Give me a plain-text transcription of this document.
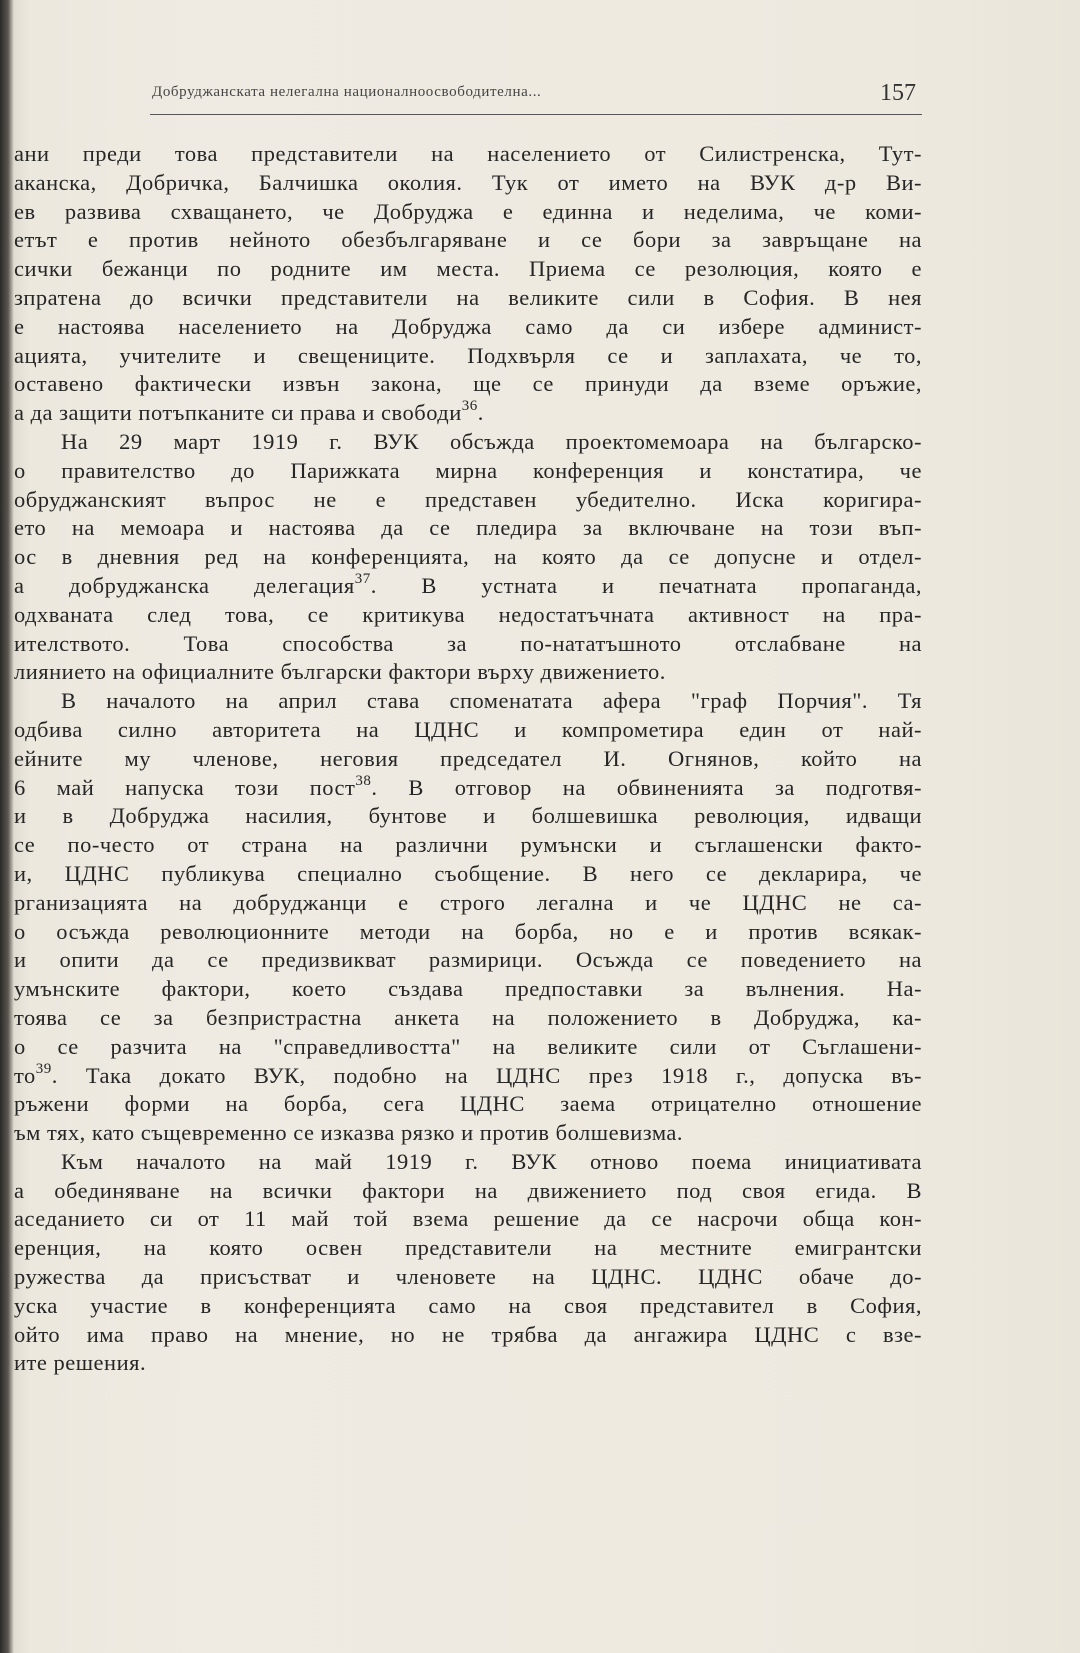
Добруджанската нелегална националноосвободителна...	157
ани преди това представители на населението от Силистренска, Тут-
аканска, Добричка, Балчишка околия. Тук от името на ВУК д-р Ви-
ев развива схващането, че Добруджа е единна и неделима, че коми-
етът е против нейното обезбългаряване и се бори за завръщане на
сички бежанци по родните им места. Приема се резолюция, която е
зпратена до всички представители на великите сили в София. В нея
е настоява населението на Добруджа само да си избере админист-
ацията, учителите и свещениците. Подхвърля се и заплахата, че то,
оставено фактически извън закона, ще се принуди да вземе оръжие,
а да защити потъпканите си права и свободи$^{36}$.
На 29 март 1919 г. ВУК обсъжда проектомемоара на българско-
о правителство до Парижката мирна конференция и констатира, че
обруджанският въпрос не е представен убедително. Иска коригира-
ето на мемоара и настоява да се пледира за включване на този въп-
ос в дневния ред на конференцията, на която да се допусне и отдел-
а добруджанска делегация$^{37}$. В устната и печатната пропаганда,
одхваната след това, се критикува недостатъчната активност на пра-
ителството. Това способства за по-нататъшното отслабване на
лиянието на официалните български фактори върху движението.
В началото на април става споменатата афера "граф Порчия". Тя
одбива силно авторитета на ЦДНС и компрометира един от най-
ейните му членове, неговия председател И. Огнянов, който на
6 май напуска този пост$^{38}$. В отговор на обвиненията за подготвя-
и в Добруджа насилия, бунтове и болшевишка революция, идващи
се по-често от страна на различни румънски и съглашенски факто-
и, ЦДНС публикува специално съобщение. В него се декларира, че
рганизацията на добруджанци е строго легална и че ЦДНС не са-
о осъжда революционните методи на борба, но е и против всякак-
и опити да се предизвикват размирици. Осъжда се поведението на
умънските фактори, което създава предпоставки за вълнения. На-
тоява се за безпристрастна анкета на положението в Добруджа, ка-
о се разчита на "справедливостта" на великите сили от Съглашени-
$то^{39}$. Така докато ВУК, подобно на ЦДНС през 1918 г., допуска въ-
ръжени форми на борба, сега ЦДНС заема отрицателно отношение
ъм тях, като същевременно се изказва рязко и против болшевизма.
Към началото на май 1919 г. ВУК отново поема инициативата
а обединяване на всички фактори на движението под своя егида. В
аседанието си от 11 май той взема решение да се насрочи обща кон-
еренция, на която освен представители на местните емигрантски
ружества да присъстват и членовете на ЦДНС. ЦДНС обаче до-
уска участие в конференцията само на своя представител в София,
ойто има право на мнение, но не трябва да ангажира ЦДНС с взе-
ите решения.
